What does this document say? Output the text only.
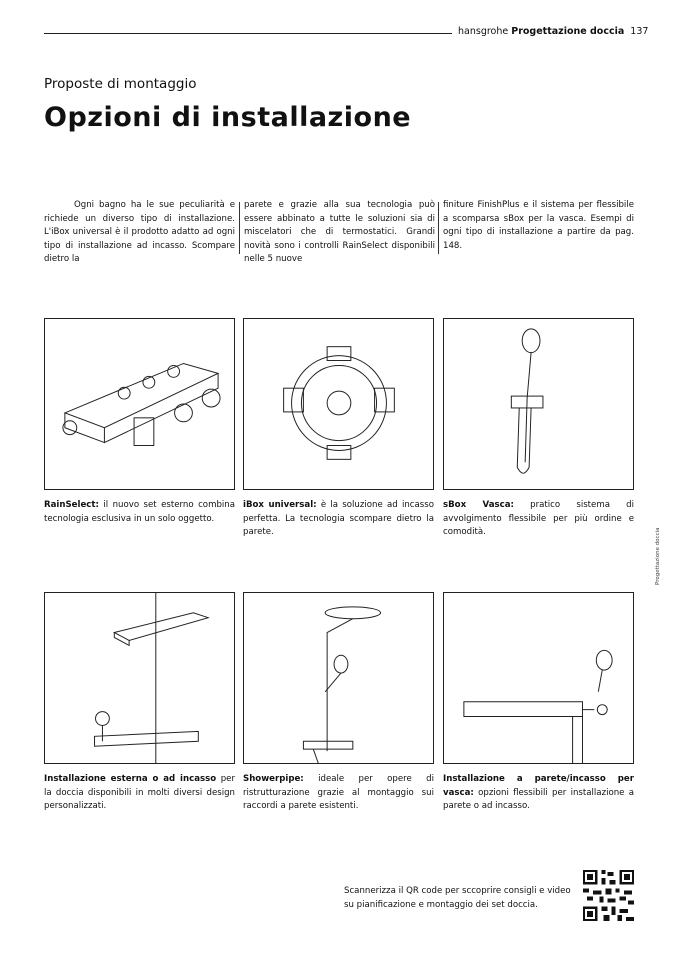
hansgrohe Progettazione doccia 137
Proposte di montaggio
Opzioni di installazione
Ogni bagno ha le sue peculiarità e richiede un diverso tipo di installazione. L'iBox universal è il prodotto adatto ad ogni tipo di installazione ad incasso. Scompare dietro la
parete e grazie alla sua tecnologia può essere abbinato a tutte le soluzioni sia di miscelatori che di termostatici. Grandi novità sono i controlli RainSelect disponibili nelle 5 nuove
finiture FinishPlus e il sistema per flessibile a scomparsa sBox per la vasca. Esempi di ogni tipo di installazione a partire da pag. 148.
RainSelect: il nuovo set esterno combina tecnologia esclusiva in un solo oggetto.
iBox universal: è la soluzione ad incasso perfetta. La tecnologia scompare dietro la parete.
sBox Vasca: pratico sistema di avvolgimento flessibile per più ordine e comodità.
Installazione esterna o ad incasso per la doccia disponibili in molti diversi design personalizzati.
Showerpipe: ideale per opere di ristrutturazione grazie al montaggio sui raccordi a parete esistenti.
Installazione a parete/incasso per vasca: opzioni flessibili per installazione a parete o ad incasso.
Progettazione doccia
Scannerizza il QR code per sccoprire consigli e video su pianificazione e montaggio dei set doccia.
